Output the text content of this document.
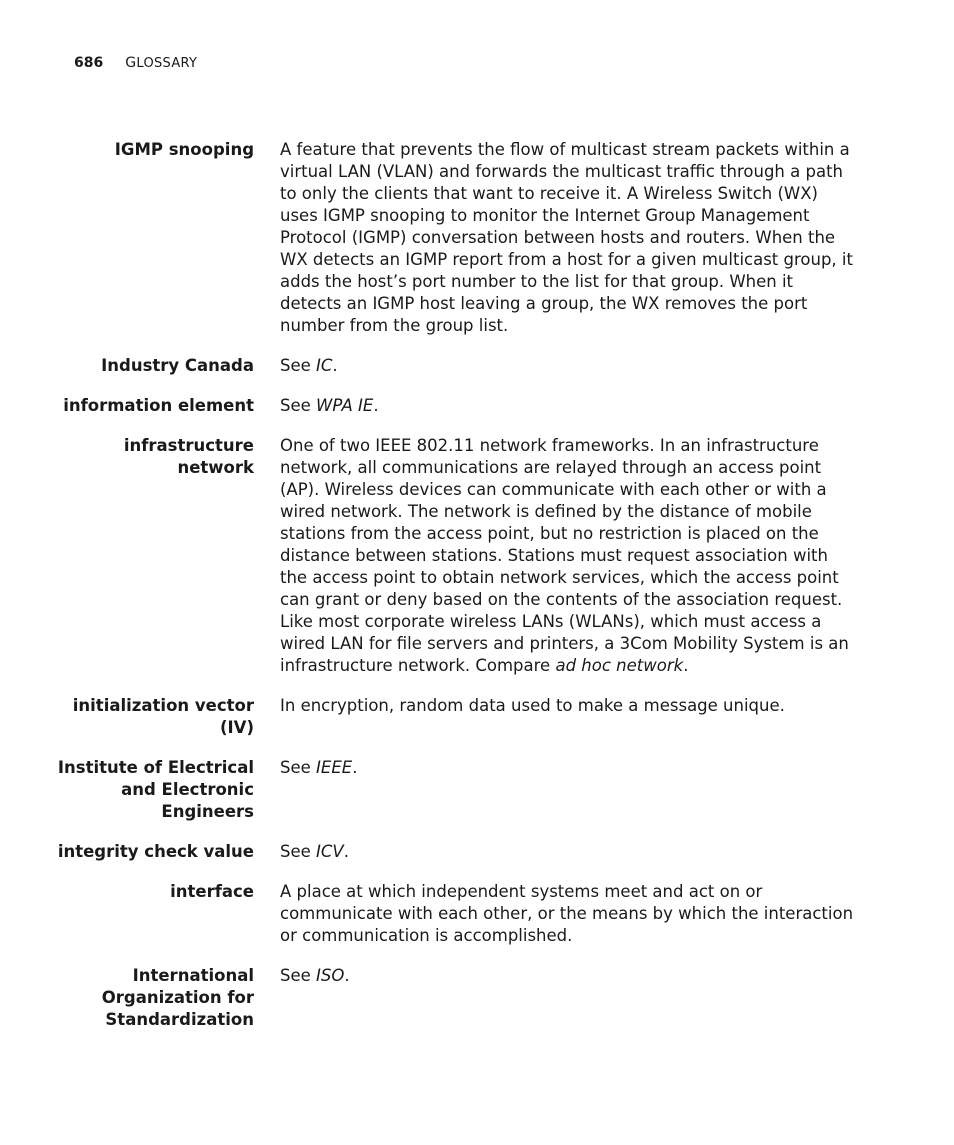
686 GLOSSARY
IGMP snooping A feature that prevents the flow of multicast stream packets within a virtual LAN (VLAN) and forwards the multicast traffic through a path to only the clients that want to receive it. A Wireless Switch (WX) uses IGMP snooping to monitor the Internet Group Management Protocol (IGMP) conversation between hosts and routers. When the WX detects an IGMP report from a host for a given multicast group, it adds the host’s port number to the list for that group. When it detects an IGMP host leaving a group, the WX removes the port number from the group list.
Industry Canada See IC.
information element See WPA IE.
infrastructure
network
One of two IEEE 802.11 network frameworks. In an infrastructure network, all communications are relayed through an access point (AP). Wireless devices can communicate with each other or with a wired network. The network is defined by the distance of mobile stations from the access point, but no restriction is placed on the distance between stations. Stations must request association with the access point to obtain network services, which the access point can grant or deny based on the contents of the association request. Like most corporate wireless LANs (WLANs), which must access a wired LAN for file servers and printers, a 3Com Mobility System is an infrastructure network. Compare ad hoc network.
initialization vector
(IV)
In encryption, random data used to make a message unique.
Institute of Electrical
and Electronic
Engineers
See IEEE.
integrity check value See ICV.
interface A place at which independent systems meet and act on or communicate with each other, or the means by which the interaction or communication is accomplished.
International
Organization for
Standardization
See ISO.
